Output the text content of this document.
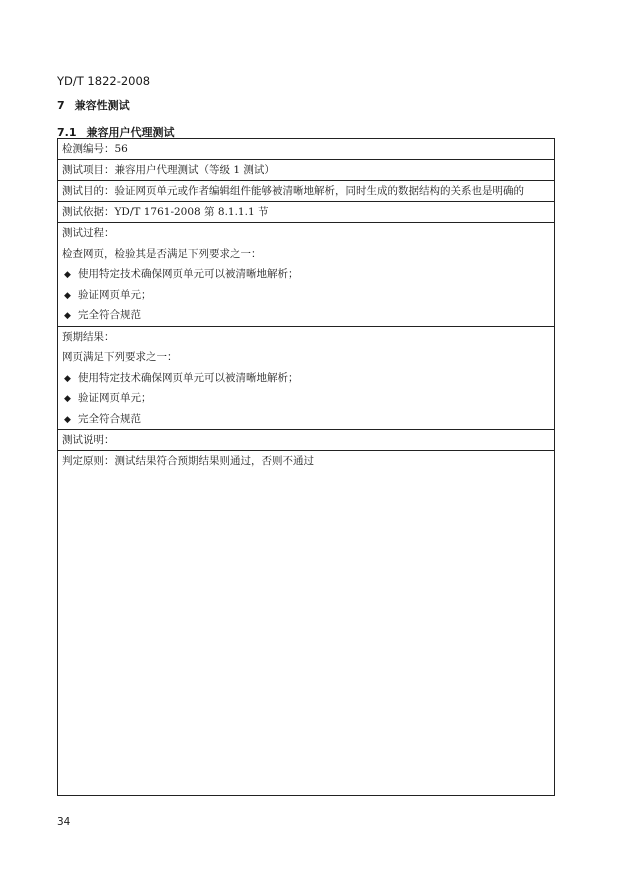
YD/T 1822-2008
7 兼容性测试
7.1 兼容用户代理测试
检测编号：56
测试项目：兼容用户代理测试（等级 1 测试）
测试目的：验证网页单元或作者编辑组件能够被清晰地解析，同时生成的数据结构的关系也是明确的
测试依据：YD/T 1761-2008 第 8.1.1.1 节
测试过程：
检查网页，检验其是否满足下列要求之一：
◆ 使用特定技术确保网页单元可以被清晰地解析；
◆ 验证网页单元；
◆ 完全符合规范
预期结果：
网页满足下列要求之一：
◆ 使用特定技术确保网页单元可以被清晰地解析；
◆ 验证网页单元；
◆ 完全符合规范
测试说明：
判定原则：测试结果符合预期结果则通过，否则不通过
34
